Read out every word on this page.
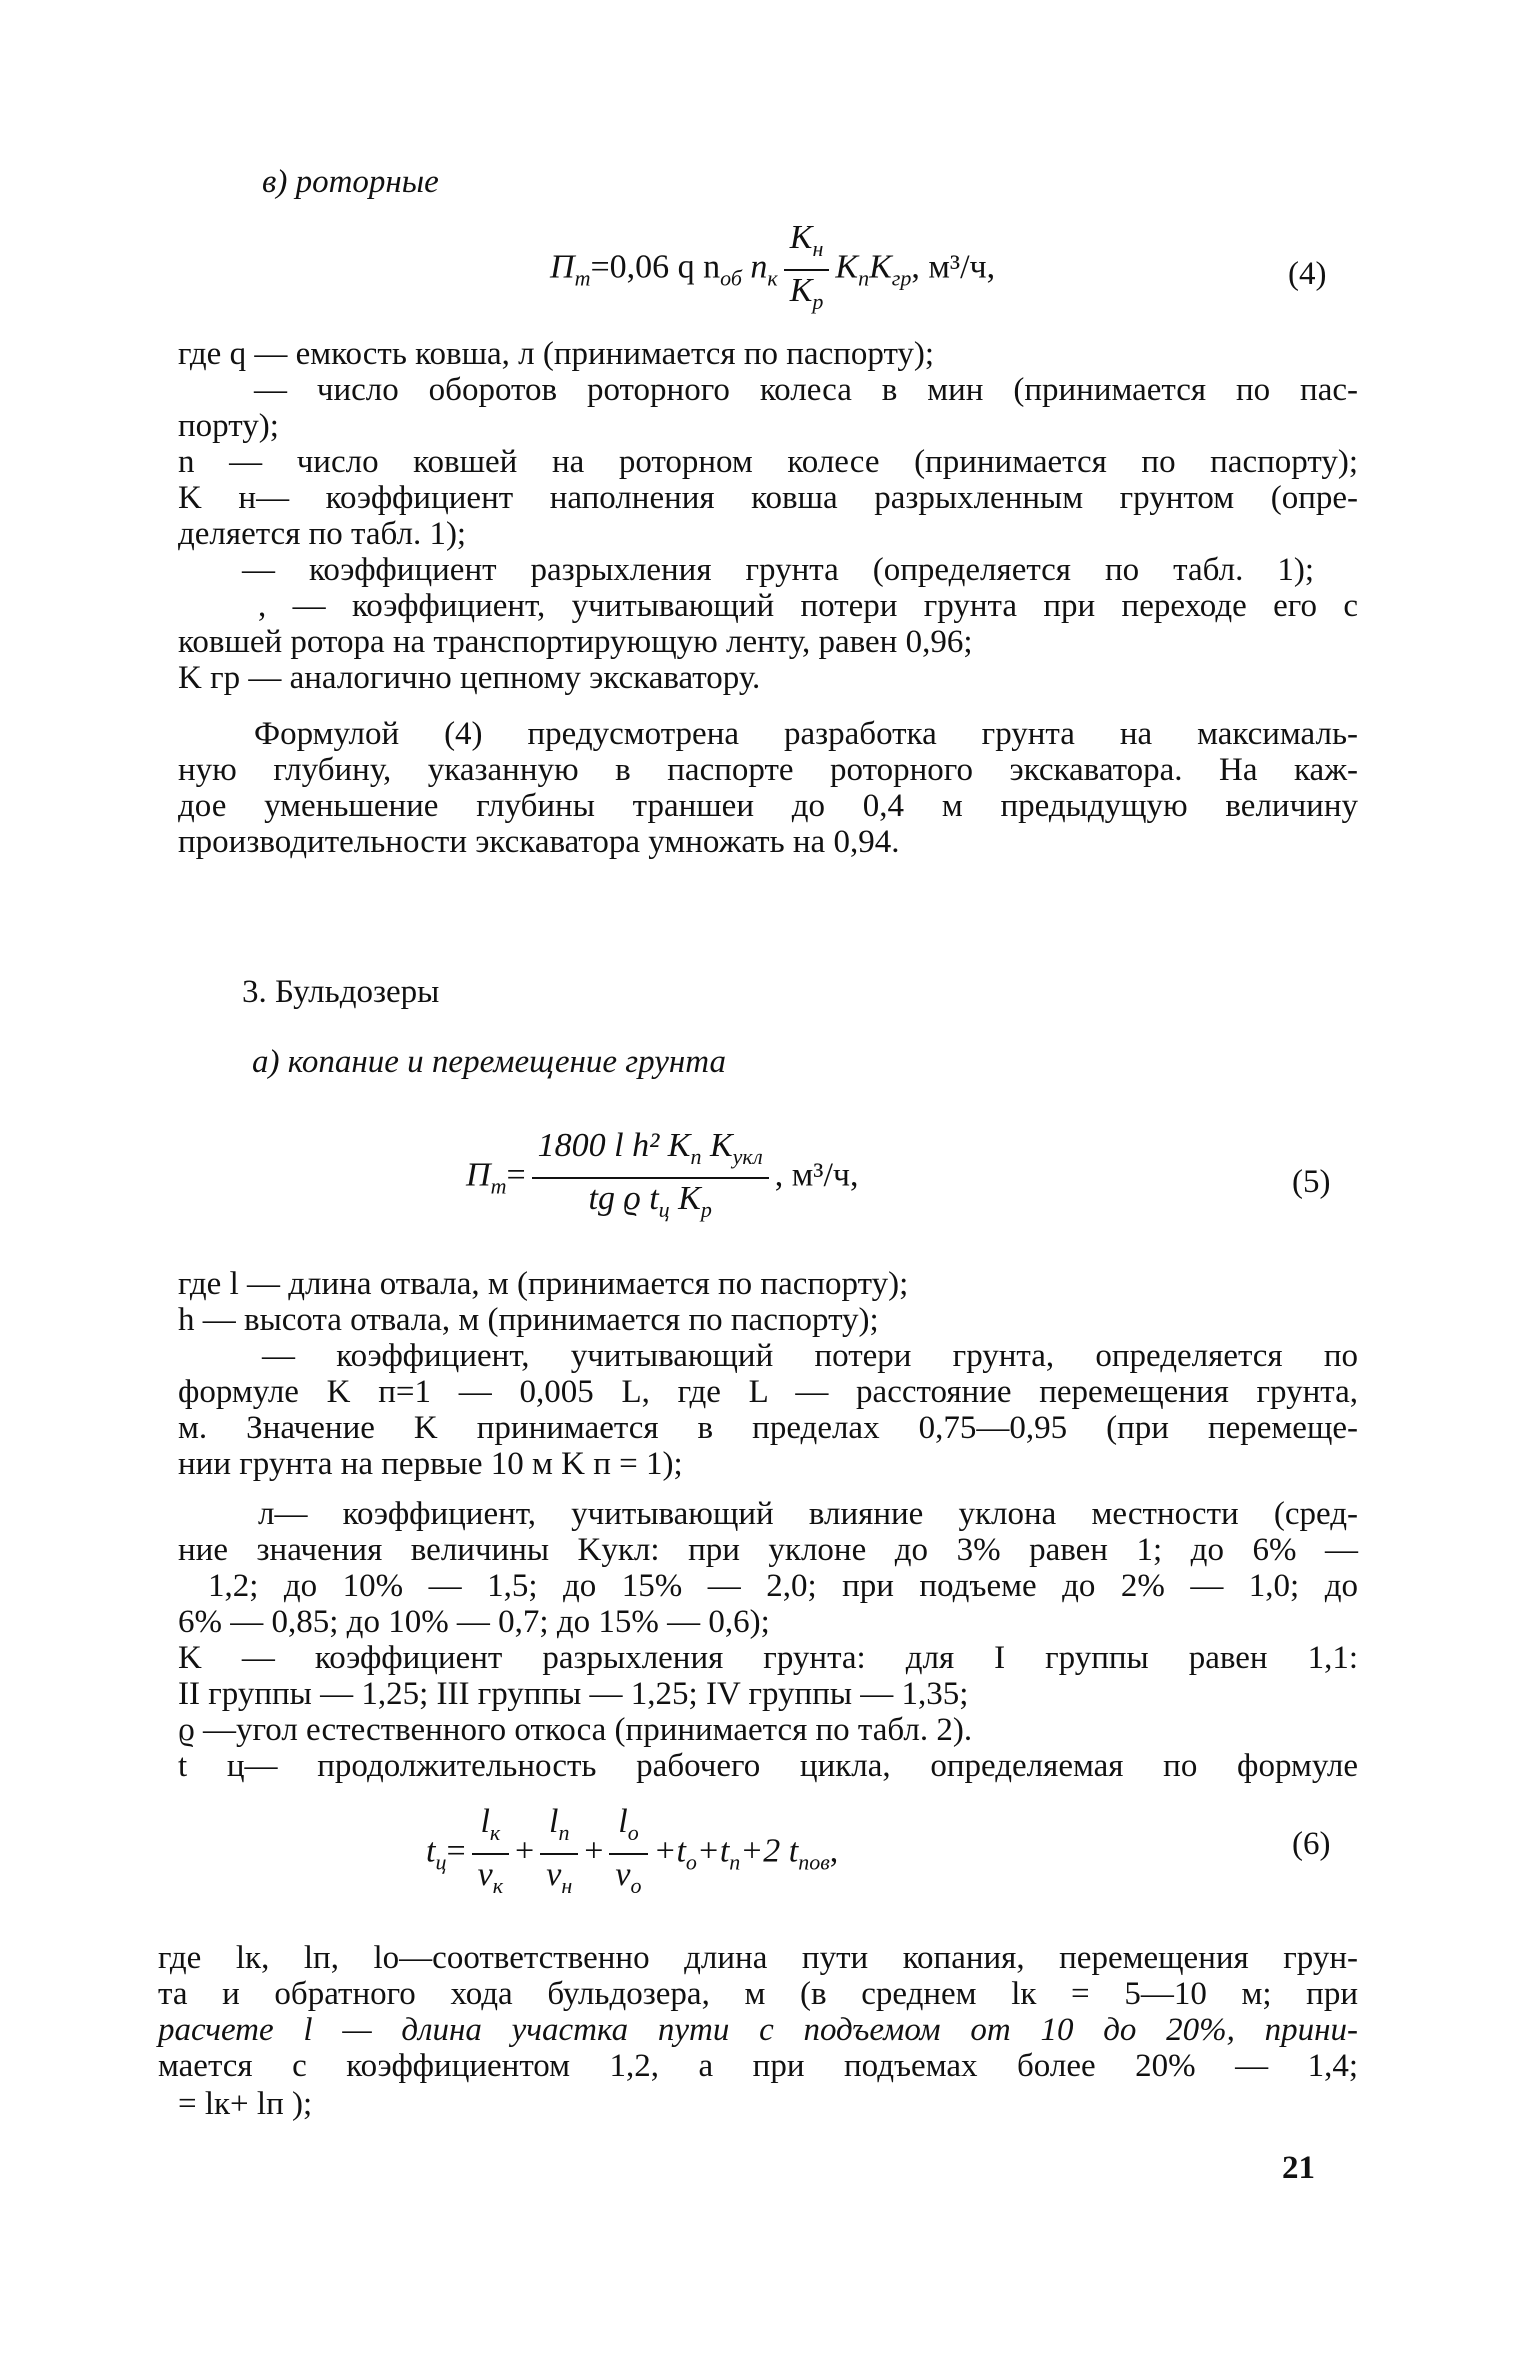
в) роторные
$П_т=0,06$ q $n_{об}$ $n_к \frac{K_н}{K_р} K_пK_{гр}$, м³/ч,	(4)
где q — емкость ковша, л (принимается по паспорту);
— число оборотов роторного колеса в мин (принимается по пас-
порту);
n — число ковшей на роторном колесе (принимается по паспорту);
K н— коэффициент наполнения ковша разрыхленным грунтом (опре-
деляется по табл. 1);
— коэффициент разрыхления грунта (определяется по табл. 1);
, — коэффициент, учитывающий потери грунта при переходе его с
ковшей ротора на транспортирующую ленту, равен 0,96;
K гр — аналогично цепному экскаватору.
Формулой (4) предусмотрена разработка грунта на максималь-
ную глубину, указанную в паспорте роторного экскаватора. На каж-
дое уменьшение глубины траншеи до 0,4 м предыдущую величину
производительности экскаватора умножать на 0,94.
3. Бульдозеры
а) копание и перемещение грунта
$П_т= \frac{1800 l h^2 K_п K_{укл}}{tg ϱ t_ц K_р}$ , м³/ч,	(5)
где l — длина отвала, м (принимается по паспорту);
h — высота отвала, м (принимается по паспорту);
— коэффициент, учитывающий потери грунта, определяется по
формуле K п=1 — 0,005 L, где L — расстояние перемещения грунта,
м. Значение K принимается в пределах 0,75—0,95 (при перемеще-
нии грунта на первые 10 м K п = 1);
л— коэффициент, учитывающий влияние уклона местности (сред-
ние значения величины Kукл: при уклоне до 3% равен 1; до 6% —
1,2; до 10% — 1,5; до 15% — 2,0; при подъеме до 2% — 1,0; до
6% — 0,85; до 10% — 0,7; до 15% — 0,6);
K — коэффициент разрыхления грунта: для I группы равен 1,1:
II группы — 1,25; III группы — 1,25; IV группы — 1,35;
ϱ —угол естественного откоса (принимается по табл. 2).
t ц— продолжительность рабочего цикла, определяемая по формуле
$t_ц= \frac{l_к}{v_к} + \frac{l_п}{v_н} + \frac{l_о}{v_о} +t_о+t_п+2$ $t_{пов}$,	(6)
где lк, lп, lо—соответственно длина пути копания, перемещения грун-
та и обратного хода бульдозера, м (в среднем lк = 5—10 м; при
расчете l — длина участка пути с подъемом от 10 до 20%, прини-
мается с коэффициентом 1,2, а при подъемах более 20% — 1,4;
= lк+ lп );
21
